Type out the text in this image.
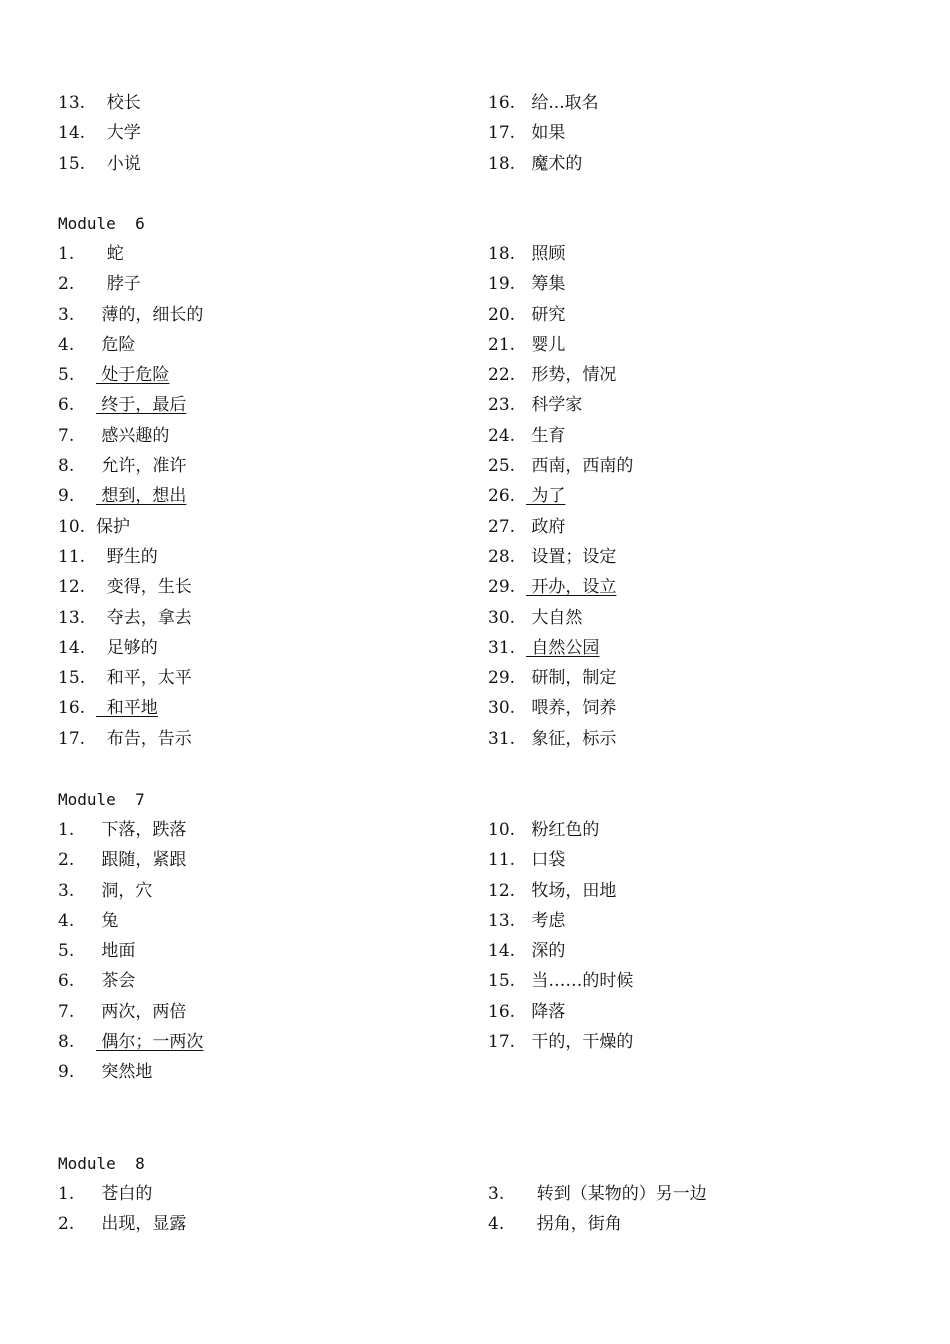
13.  校长	16. 给...取名
14.  大学	17. 如果
15.  小说	18. 魔术的
Module  6
1.  蛇	18. 照顾
2.  脖子	19. 筹集
3. 薄的，细长的	20. 研究
4. 危险	21. 婴儿
5. 处于危险	22. 形势，情况
6. 终于，最后	23. 科学家
7. 感兴趣的	24. 生育
8. 允许，准许	25. 西南，西南的
9. 想到，想出	26. 为了
10. 保护	27. 政府
11.  野生的	28. 设置；设定
12.  变得，生长	29. 开办，设立
13.  夺去，拿去	30. 大自然
14.  足够的	31. 自然公园
15.  和平，太平	29. 研制，制定
16.  和平地	30. 喂养，饲养
17.  布告，告示	31. 象征，标示
Module  7
1. 下落，跌落	10. 粉红色的
2. 跟随，紧跟	11. 口袋
3. 洞，穴	12. 牧场，田地
4. 兔	13. 考虑
5. 地面	14. 深的
6. 茶会	15. 当……的时候
7. 两次，两倍	16. 降落
8. 偶尔；一两次	17. 干的，干燥的
9. 突然地
Module  8
1. 苍白的	3.  转到（某物的）另一边
2. 出现，显露	4.  拐角，街角
